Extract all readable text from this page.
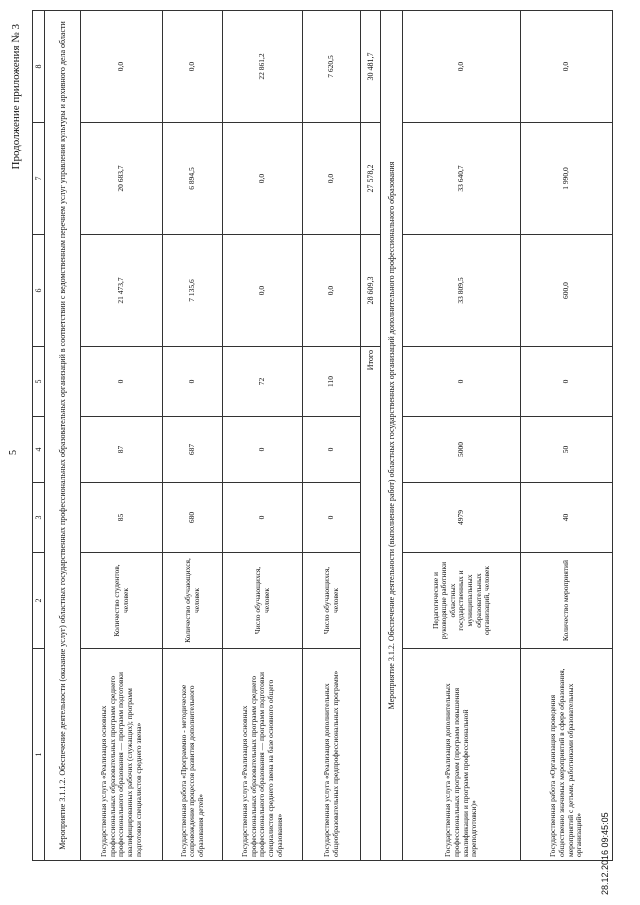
5
Продолжение приложения № 3
1	2	3	4	5	6	7	8
Мероприятие 3.1.1.2. Обеспечение деятельности (оказание услуг) областных государственных профессиональных образовательных организаций в соответствии с ведомственным перечнем услуг управления культуры и архивного дела области							
Государственная услуга «Реализация основных профессиональных образовательных программ среднего профессионального образования — программ подготовки квалифицированных рабочих (служащих); программ подготовки специалистов среднего звена»	Количество студентов, человек	85	87	0	21 473,7	20 683,7	0,0
Государственная работа «Программно - методическое сопровождение процессов развития дополнительного образования детей»	Количество обучающихся, человек	680	687	0	7 135,6	6 894,5	0,0
Государственная услуга «Реализация основных профессиональных образовательных программ среднего профессионального образования — программ подготовки специалистов среднего звена на базе основного общего образования»	Число обучающихся, человек	0	0	72	0,0	0,0	22 861,2
Государственная услуга «Реализация дополнительных общеобразовательных предпрофессиональных программ»	Число обучающихся, человек	0	0	110	0,0	0,0	7 620,5
Итого					28 609,3	27 578,2	30 481,7
Мероприятие 3.1.2. Обеспечение деятельности (выполнение работ) областных государственных организаций дополнительного профессионального образования							
Государственная услуга «Реализация дополнительных профессиональных программ (программ повышения квалификации и программ профессиональной переподготовки)»	Педагогические и руководящие работники областных государственных и муниципальных образовательных организаций, человек	4979	5000	0	33 809,5	33 640,7	0,0
Государственная работа «Организация проведения общественно значимых мероприятий в сфере образования, мероприятий с детьми, работниками образовательных организаций»	Количество мероприятий	40	50	0	600,0	1 990,0	0,0
28.12.2016 09:45:05
